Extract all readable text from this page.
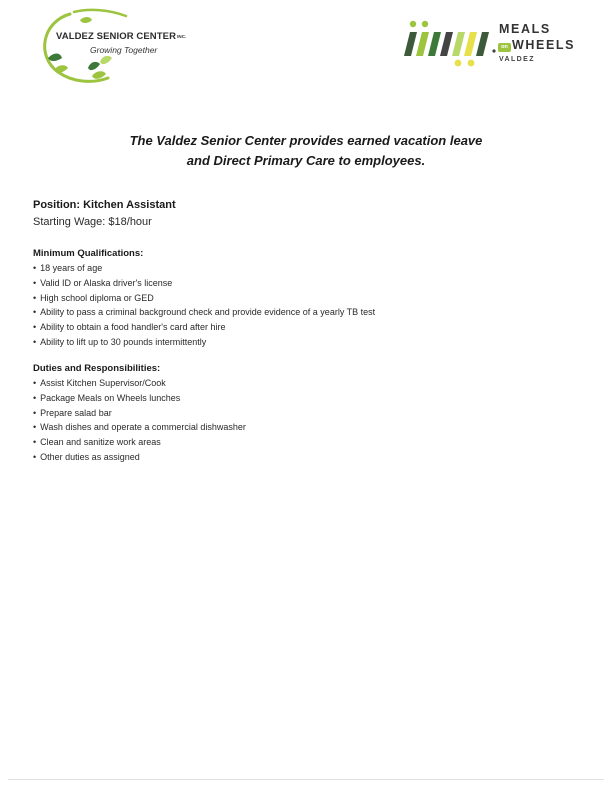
VALDEZ SENIOR CENTERINC.

Growing Together

MEALS

on WHEELS

VALDEZ

The Valdez Senior Center provides earned vacation leave
and Direct Primary Care to employees.

Position: Kitchen Assistant

Starting Wage: $18/hour

Minimum Qualifications:

• 18 years of age
• Valid ID or Alaska driver's license
• High school diploma or GED
• Ability to pass a criminal background check and provide evidence of a yearly TB test
• Ability to obtain a food handler's card after hire
• Ability to lift up to 30 pounds intermittently

Duties and Responsibilities:

• Assist Kitchen Supervisor/Cook
• Package Meals on Wheels lunches
• Prepare salad bar
• Wash dishes and operate a commercial dishwasher
• Clean and sanitize work areas
• Other duties as assigned
